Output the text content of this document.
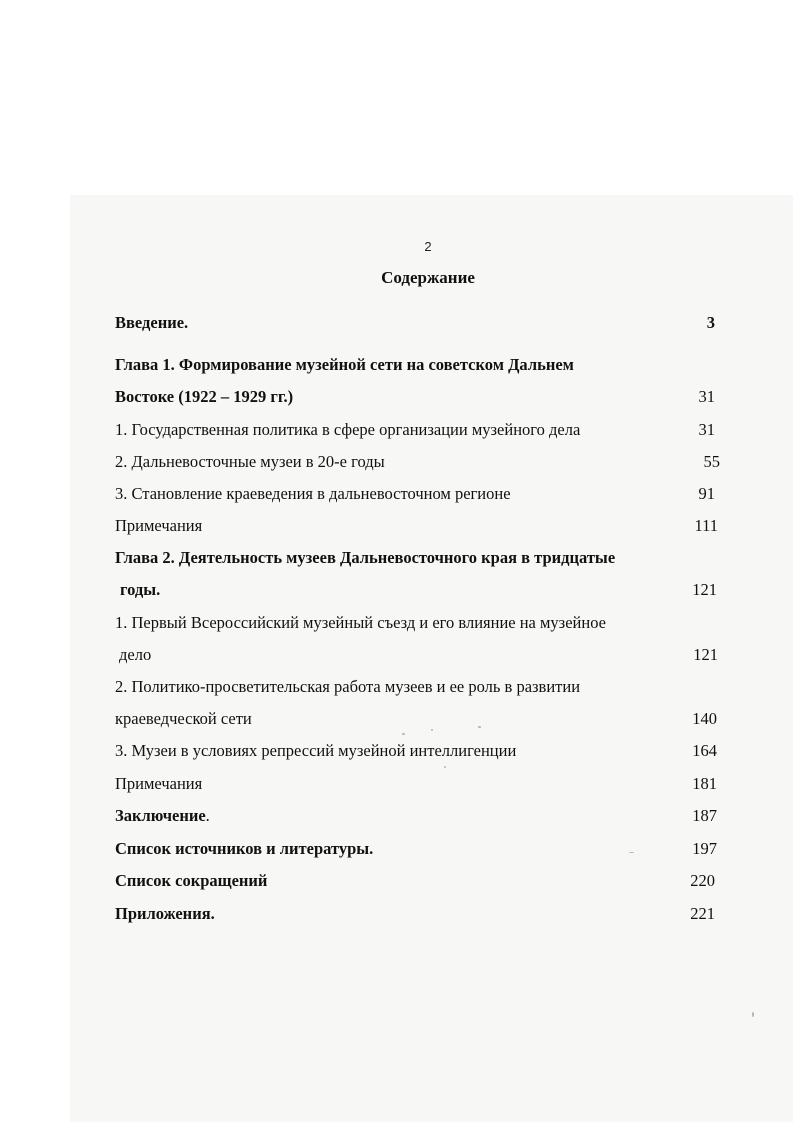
2
Содержание
Введение.	3
Глава 1. Формирование музейной сети на советском Дальнем
Востоке (1922 – 1929 гг.)	31
1. Государственная политика в сфере организации музейного дела	31
2. Дальневосточные музеи в 20-е годы	55
3. Становление краеведения в дальневосточном регионе	91
Примечания	111
Глава 2. Деятельность музеев Дальневосточного края в тридцатые
годы.	121
1. Первый Всероссийский музейный съезд и его влияние на музейное
дело	121
2. Политико-просветительская работа музеев и ее роль в развитии
краеведческой сети	140
3. Музеи в условиях репрессий музейной интеллигенции	164
Примечания	181
Заключение.	187
Список источников и литературы.	197
Список сокращений	220
Приложения.	221
